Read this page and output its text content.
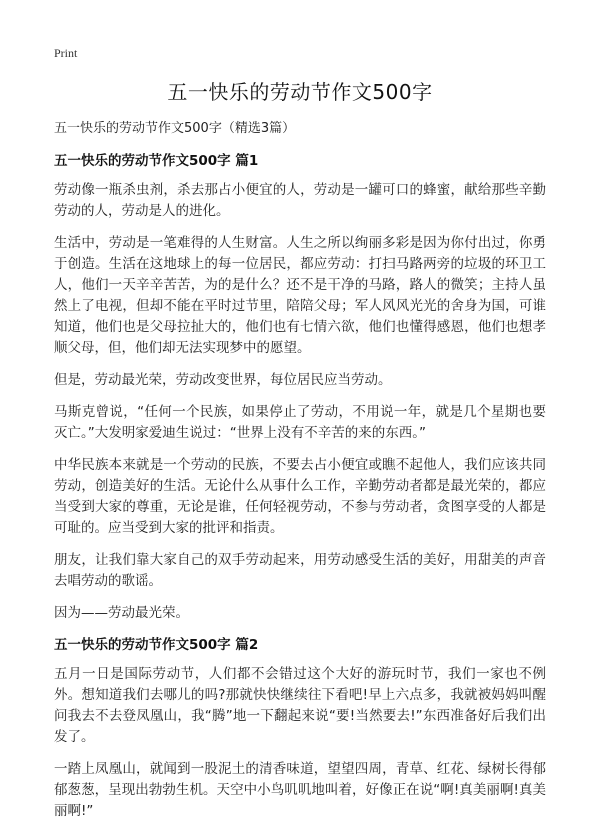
Print
五一快乐的劳动节作文500字

五一快乐的劳动节作文500字（精选3篇）

五一快乐的劳动节作文500字 篇1

劳动像一瓶杀虫剂，杀去那占小便宜的人，劳动是一罐可口的蜂蜜，献给那些辛勤劳动的人，劳动是人的进化。

生活中，劳动是一笔难得的人生财富。人生之所以绚丽多彩是因为你付出过，你勇于创造。生活在这地球上的每一位居民，都应劳动：打扫马路两旁的垃圾的环卫工人，他们一天辛辛苦苦，为的是什么？还不是干净的马路，路人的微笑；主持人虽然上了电视，但却不能在平时过节里，陪陪父母；军人风风光光的舍身为国，可谁知道，他们也是父母拉扯大的，他们也有七情六欲，他们也懂得感恩，他们也想孝顺父母，但，他们却无法实现梦中的愿望。

但是，劳动最光荣，劳动改变世界，每位居民应当劳动。

马斯克曾说，“任何一个民族，如果停止了劳动，不用说一年，就是几个星期也要灭亡。”大发明家爱迪生说过：“世界上没有不辛苦的来的东西。”

中华民族本来就是一个劳动的民族，不要去占小便宜或瞧不起他人，我们应该共同劳动，创造美好的生活。无论什么从事什么工作，辛勤劳动者都是最光荣的，都应当受到大家的尊重，无论是谁，任何轻视劳动，不参与劳动者，贪图享受的人都是可耻的。应当受到大家的批评和指责。

朋友，让我们靠大家自己的双手劳动起来，用劳动感受生活的美好，用甜美的声音去唱劳动的歌谣。

因为——劳动最光荣。

五一快乐的劳动节作文500字 篇2

五月一日是国际劳动节，人们都不会错过这个大好的游玩时节，我们一家也不例外。想知道我们去哪儿的吗?那就快快继续往下看吧!早上六点多，我就被妈妈叫醒问我去不去登凤凰山，我“腾”地一下翻起来说“要!当然要去!”东西准备好后我们出发了。

一踏上凤凰山，就闻到一股泥土的清香味道，望望四周，青草、红花、绿树长得郁郁葱葱，呈现出勃勃生机。天空中小鸟叽叽地叫着，好像正在说“啊!真美丽啊!真美丽啊!”
